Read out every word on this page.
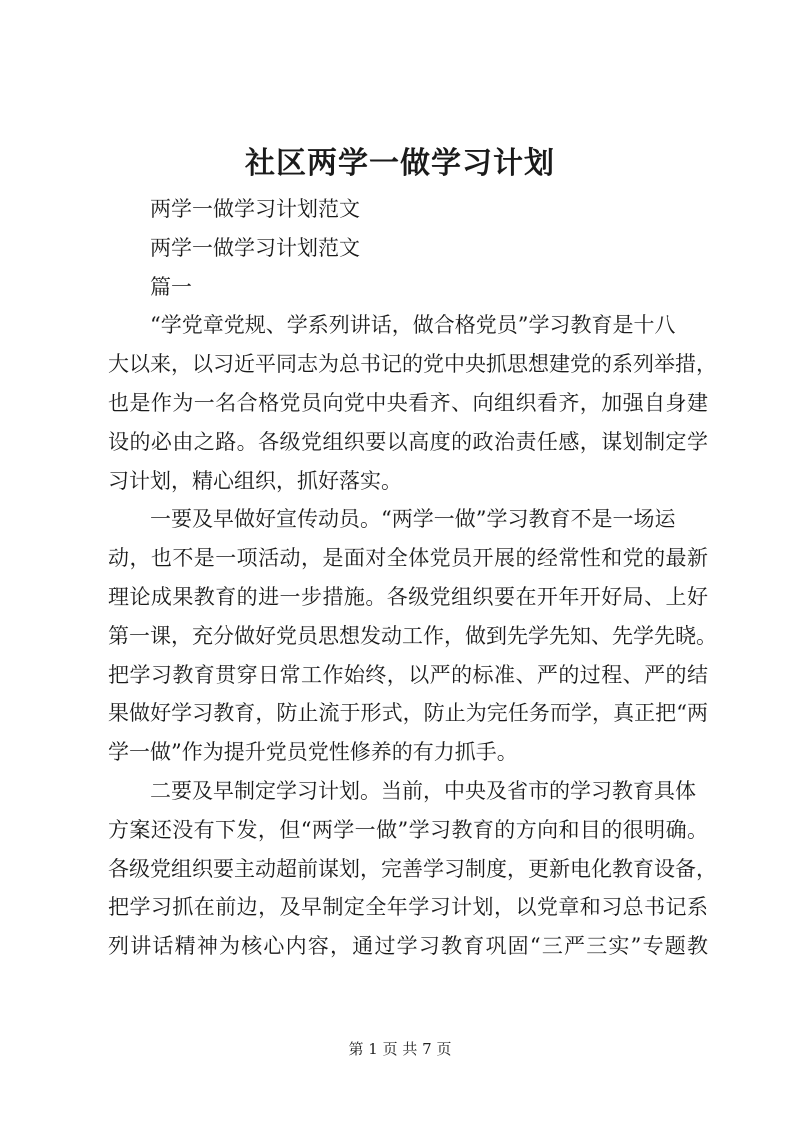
社区两学一做学习计划
两学一做学习计划范文
两学一做学习计划范文
篇一
“学党章党规、学系列讲话，做合格党员”学习教育是十八
大以来，以习近平同志为总书记的党中央抓思想建党的系列举措，
也是作为一名合格党员向党中央看齐、向组织看齐，加强自身建
设的必由之路。各级党组织要以高度的政治责任感，谋划制定学
习计划，精心组织，抓好落实。
一要及早做好宣传动员。“两学一做”学习教育不是一场运
动，也不是一项活动，是面对全体党员开展的经常性和党的最新
理论成果教育的进一步措施。各级党组织要在开年开好局、上好
第一课，充分做好党员思想发动工作，做到先学先知、先学先晓。
把学习教育贯穿日常工作始终，以严的标准、严的过程、严的结
果做好学习教育，防止流于形式，防止为完任务而学，真正把“两
学一做”作为提升党员党性修养的有力抓手。
二要及早制定学习计划。当前，中央及省市的学习教育具体
方案还没有下发，但“两学一做”学习教育的方向和目的很明确。
各级党组织要主动超前谋划，完善学习制度，更新电化教育设备，
把学习抓在前边，及早制定全年学习计划，以党章和习总书记系
列讲话精神为核心内容，通过学习教育巩固“三严三实”专题教
第 1 页 共 7 页
